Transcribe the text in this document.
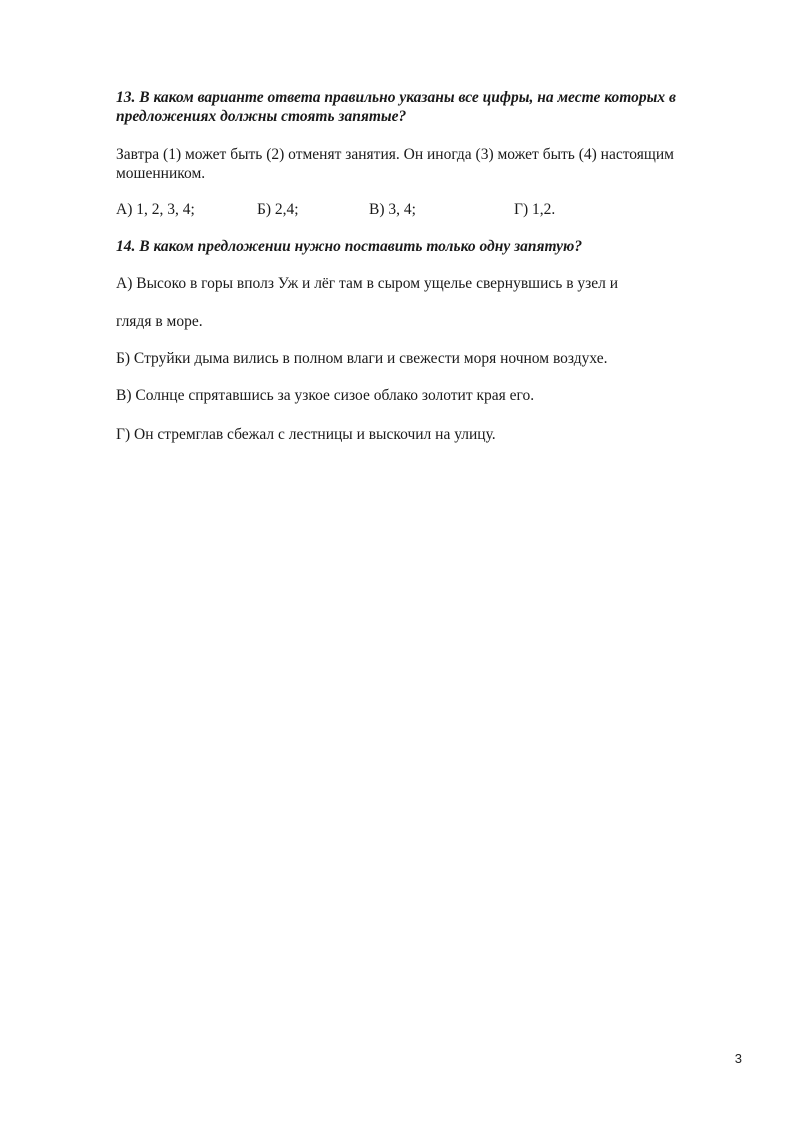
13. В каком варианте ответа правильно указаны все цифры, на месте которых в предложениях должны стоять запятые?

Завтра (1) может быть (2) отменят занятия. Он иногда (3) может быть (4) настоящим мошенником.

А) 1, 2, 3, 4;	Б) 2,4;	В) 3, 4;	Г) 1,2.

14. В каком предложении нужно поставить только одну запятую?

А) Высоко в горы вполз Уж и лёг там в сыром ущелье свернувшись в узел и

глядя в море.

Б) Струйки дыма вились в полном влаги и свежести моря ночном воздухе.

В) Солнце спрятавшись за узкое сизое облако золотит края его.

Г) Он стремглав сбежал с лестницы и выскочил на улицу.

3
